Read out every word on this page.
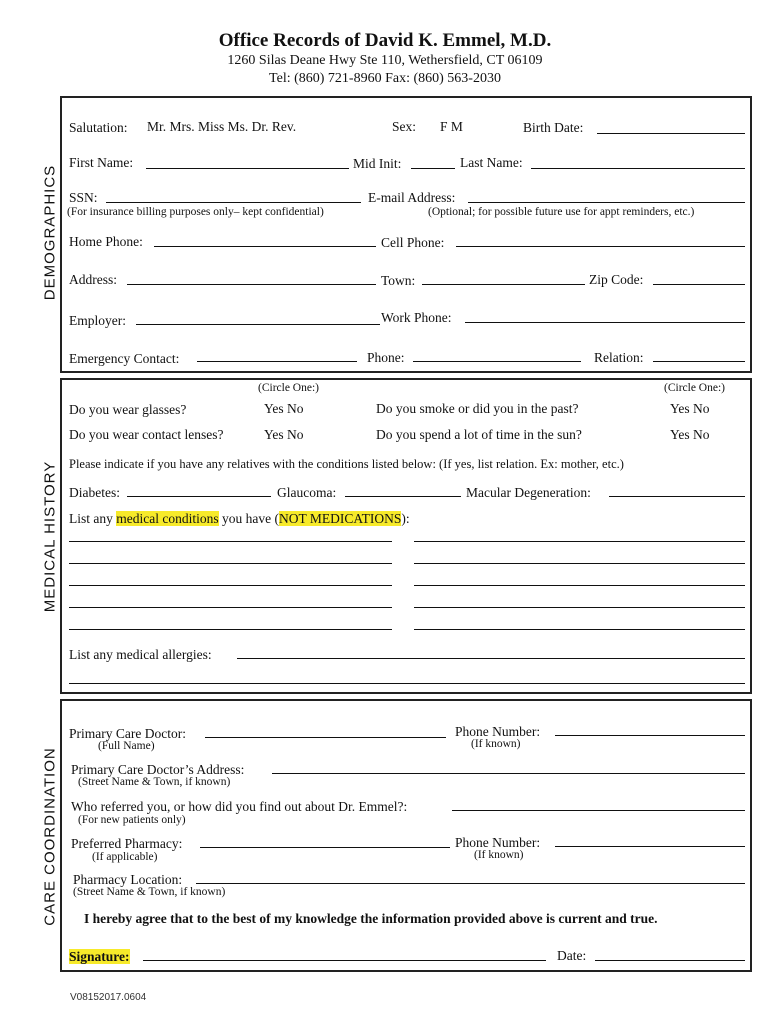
Office Records of David K. Emmel, M.D.
1260 Silas Deane Hwy Ste 110, Wethersfield, CT 06109
Tel: (860) 721-8960 Fax: (860) 563-2030
DEMOGRAPHICS
MEDICAL HISTORY
CARE COORDINATION
Salutation: Mr. Mrs. Miss Ms. Dr. Rev.	Sex: F M	Birth Date:
First Name:	Mid Init:	Last Name:
SSN:	E-mail Address:
(For insurance billing purposes only– kept confidential)	(Optional; for possible future use for appt reminders, etc.)
Home Phone:	Cell Phone:
Address:	Town:	Zip Code:
Employer:	Work Phone:
Emergency Contact:	Phone:	Relation:
(Circle One:)	(Circle One:)
Do you wear glasses?	Yes No	Do you smoke or did you in the past?	Yes No
Do you wear contact lenses?	Yes No	Do you spend a lot of time in the sun?	Yes No
Please indicate if you have any relatives with the conditions listed below: (If yes, list relation. Ex: mother, etc.)
Diabetes:	Glaucoma:	Macular Degeneration:
List any medical conditions you have (NOT MEDICATIONS):
List any medical allergies:
Primary Care Doctor:	Phone Number:
(Full Name)	(If known)
Primary Care Doctor’s Address:
(Street Name & Town, if known)
Who referred you, or how did you find out about Dr. Emmel?:
(For new patients only)
Preferred Pharmacy:	Phone Number:
(If applicable)	(If known)
Pharmacy Location:
(Street Name & Town, if known)
I hereby agree that to the best of my knowledge the information provided above is current and true.
Signature:	Date:
V08152017.0604
